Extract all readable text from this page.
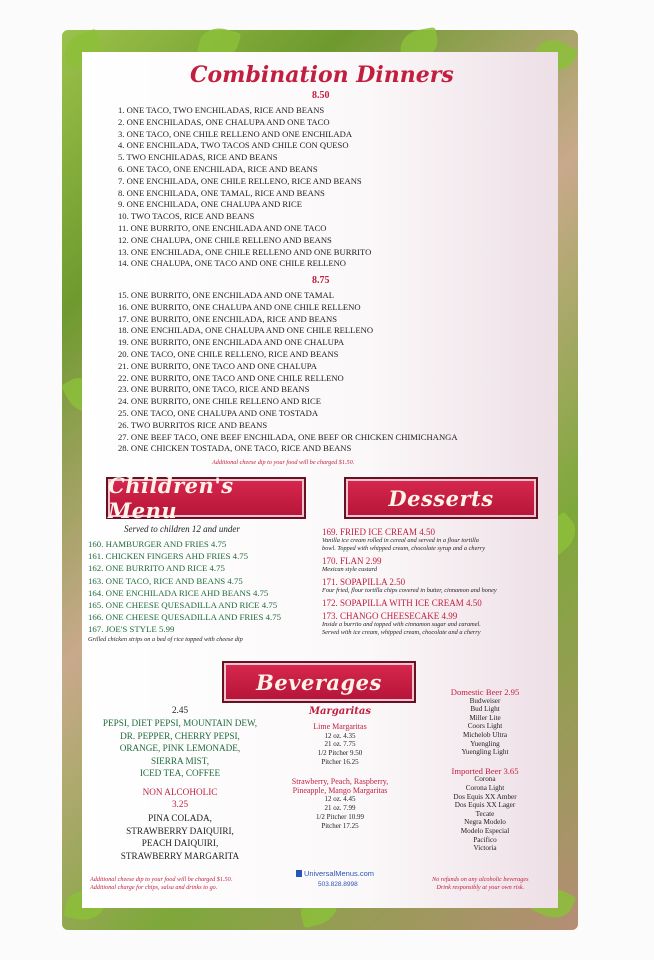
Combination Dinners
8.50
1. ONE TACO, TWO ENCHILADAS, RICE AND BEANS
2. ONE ENCHILADAS, ONE CHALUPA AND ONE TACO
3. ONE TACO, ONE CHILE RELLENO AND ONE ENCHILADA
4. ONE ENCHILADA, TWO TACOS AND CHILE CON QUESO
5. TWO ENCHILADAS, RICE AND BEANS
6. ONE TACO, ONE ENCHILADA, RICE AND BEANS
7. ONE ENCHILADA, ONE CHILE RELLENO, RICE AND BEANS
8. ONE ENCHILADA, ONE TAMAL, RICE AND BEANS
9. ONE ENCHILADA, ONE CHALUPA AND RICE
10. TWO TACOS, RICE AND BEANS
11. ONE BURRITO, ONE ENCHILADA AND ONE TACO
12. ONE CHALUPA, ONE CHILE RELLENO AND BEANS
13. ONE ENCHILADA, ONE CHILE RELLENO AND ONE BURRITO
14. ONE CHALUPA, ONE TACO AND ONE CHILE RELLENO
8.75
15. ONE BURRITO, ONE ENCHILADA AND ONE TAMAL
16. ONE BURRITO, ONE CHALUPA AND ONE CHILE RELLENO
17. ONE BURRITO, ONE ENCHILADA, RICE AND BEANS
18. ONE ENCHILADA, ONE CHALUPA AND ONE CHILE RELLENO
19. ONE BURRITO, ONE ENCHILADA AND ONE CHALUPA
20. ONE TACO, ONE CHILE RELLENO, RICE AND BEANS
21. ONE BURRITO, ONE TACO AND ONE CHALUPA
22. ONE BURRITO, ONE TACO AND ONE CHILE RELLENO
23. ONE BURRITO, ONE TACO, RICE AND BEANS
24. ONE BURRITO, ONE CHILE RELLENO AND RICE
25. ONE TACO, ONE CHALUPA AND ONE TOSTADA
26. TWO BURRITOS RICE AND BEANS
27. ONE BEEF TACO, ONE BEEF ENCHILADA, ONE BEEF OR CHICKEN CHIMICHANGA
28. ONE CHICKEN TOSTADA, ONE TACO, RICE AND BEANS
Additional cheese dip to your food will be charged $1.50.
Children's Menu
Served to children 12 and under
160. HAMBURGER AND FRIES 4.75
161. CHICKEN FINGERS AHD FRIES 4.75
162. ONE BURRITO AND RICE 4.75
163. ONE TACO, RICE AND BEANS 4.75
164. ONE ENCHILADA RICE AHD BEANS 4.75
165. ONE CHEESE QUESADILLA AND RICE 4.75
166. ONE CHEESE QUESADILLA AND FRIES 4.75
167. JOE'S STYLE 5.99
Grilled chicken strips on a bed of rice topped with cheese dip
Desserts
169. FRIED ICE CREAM 4.50
Vanilla ice cream rolled in cereal and served in a flour tortilla
bowl. Topped with whipped cream, chocolate syrup and a cherry
170. FLAN 2.99
Mexican style custard
171. SOPAPILLA 2.50
Four fried, flour tortilla chips covered in butter, cinnamon and honey
172. SOPAPILLA WITH ICE CREAM 4.50
173. CHANGO CHEESECAKE 4.99
Inside a burrito and topped with cinnamon sugar and caramel.
Served with ice cream, whipped cream, chocolate and a cherry
Beverages
2.45
PEPSI, DIET PEPSI, MOUNTAIN DEW,
DR. PEPPER, CHERRY PEPSI,
ORANGE, PINK LEMONADE,
SIERRA MIST,
ICED TEA, COFFEE
NON ALCOHOLIC
3.25
PINA COLADA,
STRAWBERRY DAIQUIRI,
PEACH DAIQUIRI,
STRAWBERRY MARGARITA
Margaritas
Lime Margaritas
12 oz. 4.35
21 oz. 7.75
1/2 Pitcher 9.50
Pitcher 16.25
Strawberry, Peach, Raspberry,
Pineapple, Mango Margaritas
12 oz. 4.45
21 oz. 7.99
1/2 Pitcher 10.99
Pitcher 17.25
Domestic Beer 2.95
Budweiser
Bud Light
Miller Lite
Coors Light
Michelob Ultra
Yuengling
Yuengling Light
Imported Beer 3.65
Corona
Corona Light
Dos Equis XX Amber
Dos Equis XX Lager
Tecate
Negra Modelo
Modelo Especial
Pacifico
Victoria
Additional cheese dip to your food will be charged $1.50.
Additional charge for chips, salsa and drinks to go.
UniversalMenus.com
503.828.8998
No refunds on any alcoholic beverages
Drink responsibly at your own risk.
